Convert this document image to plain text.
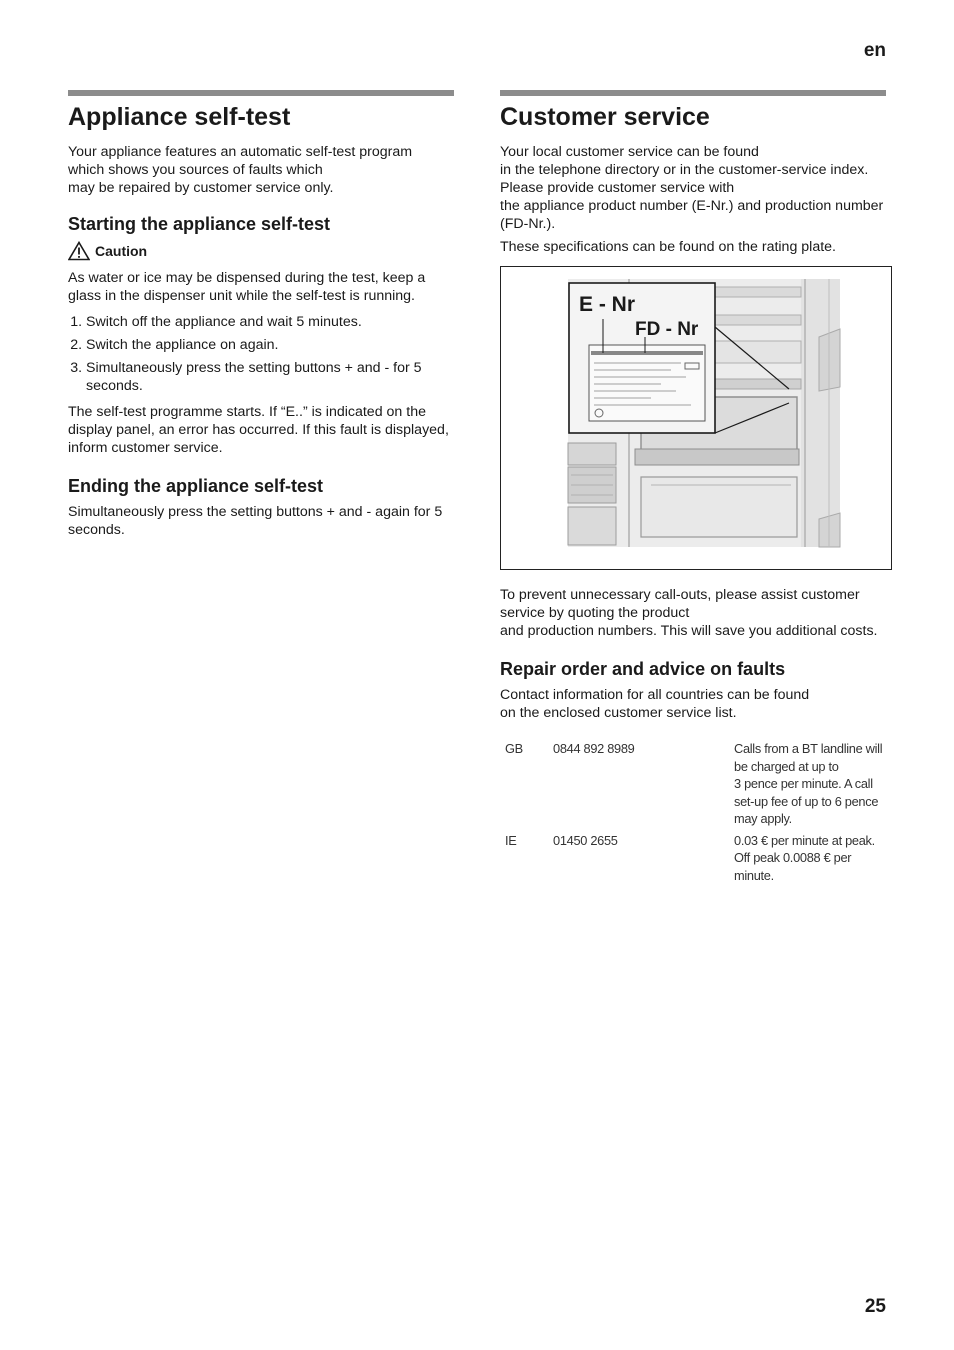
en
Appliance self-test

Your appliance features an automatic self-test program
which shows you sources of faults which
may be repaired by customer service only.

Starting the appliance self-test
Caution

As water or ice may be dispensed during the test, keep a glass in the dispenser unit while the self-test is running.

1. Switch off the appliance and wait 5 minutes.
2. Switch the appliance on again.
3. Simultaneously press the setting buttons + and - for 5 seconds.

The self-test programme starts. If “E..” is indicated on the display panel, an error has occurred. If this fault is displayed, inform customer service.

Ending the appliance self-test

Simultaneously press the setting buttons + and - again for 5 seconds.

Customer service

Your local customer service can be found
in the telephone directory or in the customer-service index. Please provide customer service with
the appliance product number (E-Nr.) and production number (FD-Nr.).

These specifications can be found on the rating plate.

E - Nr
FD - Nr

To prevent unnecessary call-outs, please assist customer service by quoting the product
and production numbers. This will save you additional costs.

Repair order and advice on faults

Contact information for all countries can be found
on the enclosed customer service list.

GB	0844 892 8989	Calls from a BT landline will be charged at up to
3 pence per minute. A call set-up fee of up to 6 pence may apply.
IE	01450 2655	0.03 € per minute at peak. Off peak 0.0088 € per minute.
25
